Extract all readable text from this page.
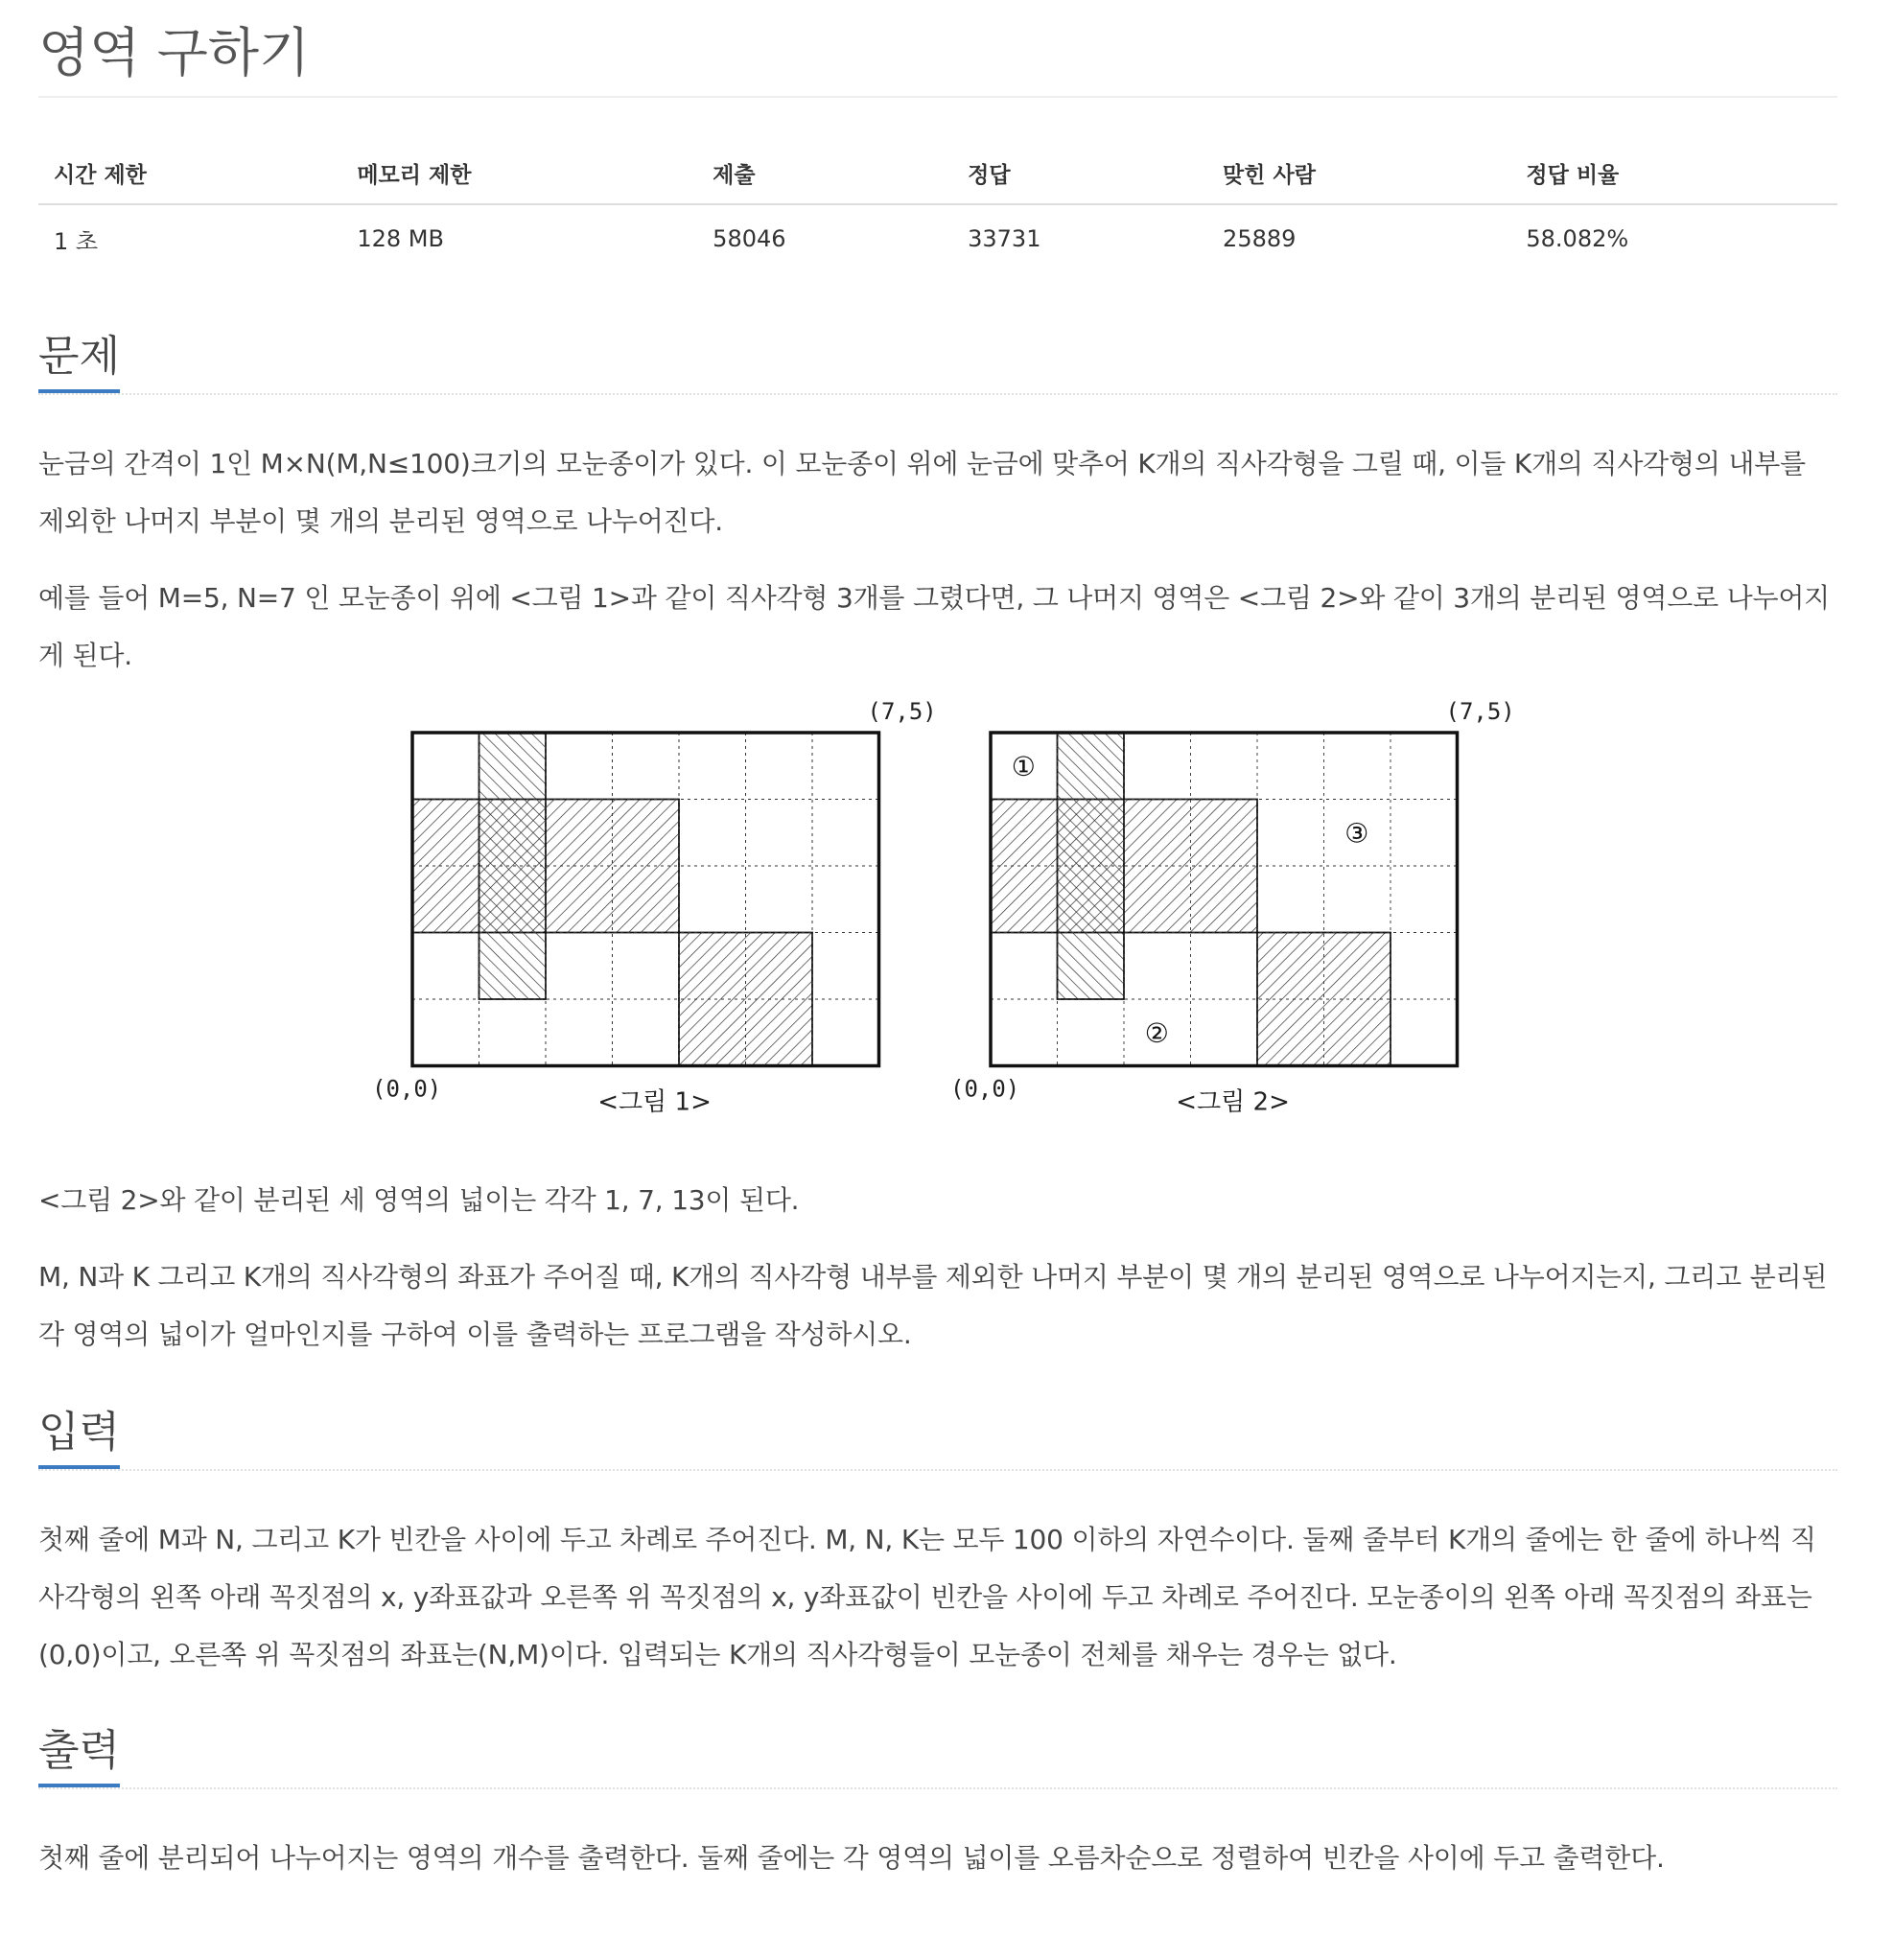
영역 구하기
시간 제한	메모리 제한	제출	정답	맞힌 사람	정답 비율
1 초	128 MB	58046	33731	25889	58.082%
문제

눈금의 간격이 1인 M×N(M,N≤100)크기의 모눈종이가 있다. 이 모눈종이 위에 눈금에 맞추어 K개의 직사각형을 그릴 때, 이들 K개의 직사각형의 내부를 제외한 나머지 부분이 몇 개의 분리된 영역으로 나누어진다.

예를 들어 M=5, N=7 인 모눈종이 위에 <그림 1>과 같이 직사각형 3개를 그렸다면, 그 나머지 영역은 <그림 2>와 같이 3개의 분리된 영역으로 나누어지게 된다.

(7,5)
(0,0)	<그림 1>
(7,5)
(0,0)	<그림 2>
①
②
③

<그림 2>와 같이 분리된 세 영역의 넓이는 각각 1, 7, 13이 된다.

M, N과 K 그리고 K개의 직사각형의 좌표가 주어질 때, K개의 직사각형 내부를 제외한 나머지 부분이 몇 개의 분리된 영역으로 나누어지는지, 그리고 분리된 각 영역의 넓이가 얼마인지를 구하여 이를 출력하는 프로그램을 작성하시오.

입력

첫째 줄에 M과 N, 그리고 K가 빈칸을 사이에 두고 차례로 주어진다. M, N, K는 모두 100 이하의 자연수이다. 둘째 줄부터 K개의 줄에는 한 줄에 하나씩 직사각형의 왼쪽 아래 꼭짓점의 x, y좌표값과 오른쪽 위 꼭짓점의 x, y좌표값이 빈칸을 사이에 두고 차례로 주어진다. 모눈종이의 왼쪽 아래 꼭짓점의 좌표는 (0,0)이고, 오른쪽 위 꼭짓점의 좌표는(N,M)이다. 입력되는 K개의 직사각형들이 모눈종이 전체를 채우는 경우는 없다.

출력

첫째 줄에 분리되어 나누어지는 영역의 개수를 출력한다. 둘째 줄에는 각 영역의 넓이를 오름차순으로 정렬하여 빈칸을 사이에 두고 출력한다.
